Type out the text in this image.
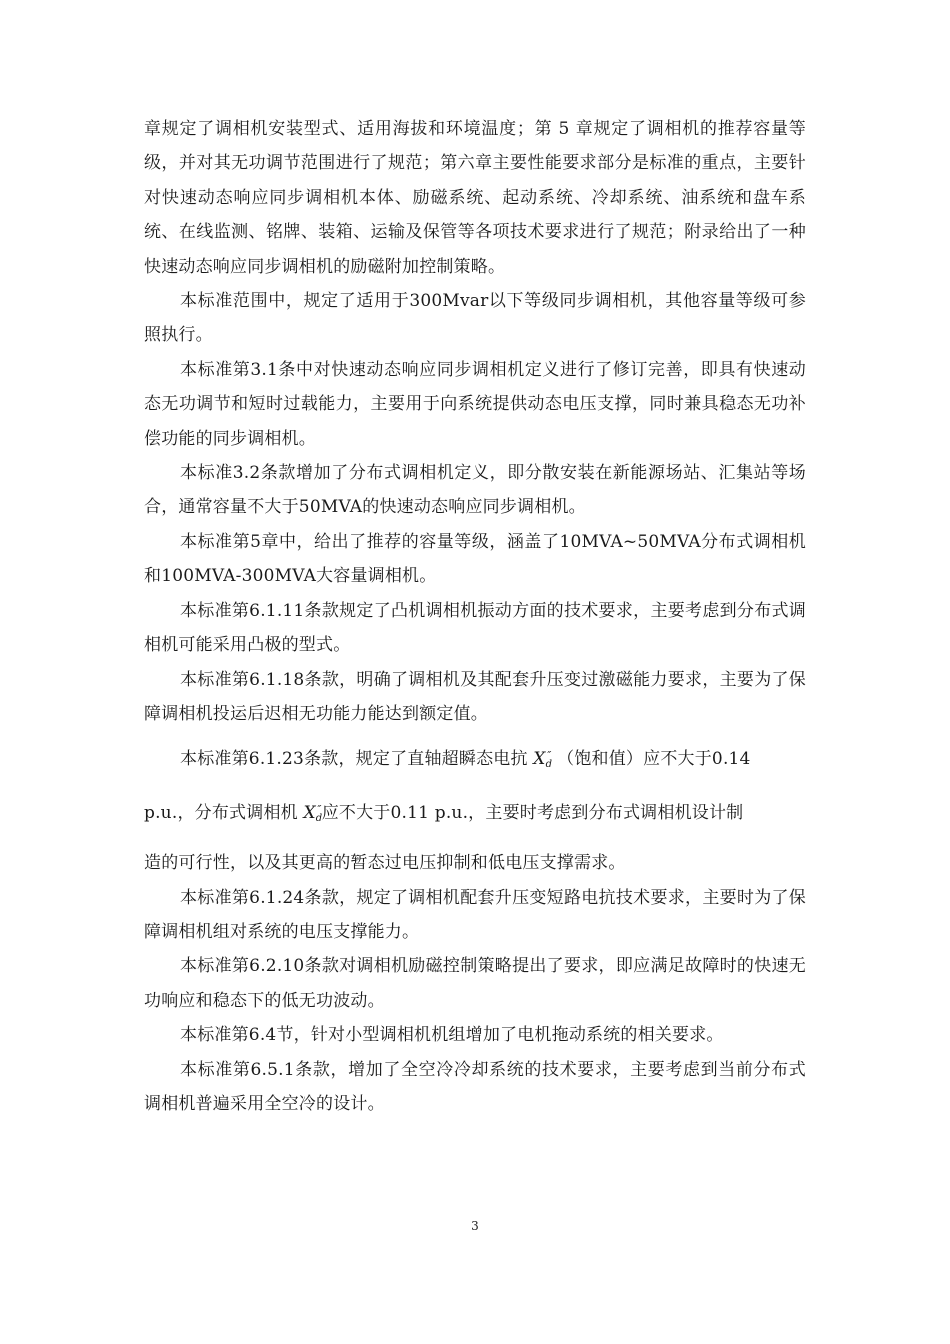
章规定了调相机安装型式、适用海拔和环境温度；第 5 章规定了调相机的推荐容量等级，并对其无功调节范围进行了规范；第六章主要性能要求部分是标准的重点，主要针对快速动态响应同步调相机本体、励磁系统、起动系统、冷却系统、油系统和盘车系统、在线监测、铭牌、装箱、运输及保管等各项技术要求进行了规范；附录给出了一种快速动态响应同步调相机的励磁附加控制策略。

本标准范围中，规定了适用于300Mvar以下等级同步调相机，其他容量等级可参照执行。

本标准第3.1条中对快速动态响应同步调相机定义进行了修订完善，即具有快速动态无功调节和短时过载能力，主要用于向系统提供动态电压支撑，同时兼具稳态无功补偿功能的同步调相机。

本标准3.2条款增加了分布式调相机定义，即分散安装在新能源场站、汇集站等场合，通常容量不大于50MVA的快速动态响应同步调相机。

本标准第5章中，给出了推荐的容量等级，涵盖了10MVA~50MVA分布式调相机和100MVA-300MVA大容量调相机。

本标准第6.1.11条款规定了凸机调相机振动方面的技术要求，主要考虑到分布式调相机可能采用凸极的型式。

本标准第6.1.18条款，明确了调相机及其配套升压变过激磁能力要求，主要为了保障调相机投运后迟相无功能力能达到额定值。

本标准第6.1.23条款，规定了直轴超瞬态电抗 $X_d''$ （饱和值）应不大于0.14
p.u.，分布式调相机 $X_d''$应不大于0.11 p.u.，主要时考虑到分布式调相机设计制
造的可行性，以及其更高的暂态过电压抑制和低电压支撑需求。

本标准第6.1.24条款，规定了调相机配套升压变短路电抗技术要求，主要时为了保障调相机组对系统的电压支撑能力。

本标准第6.2.10条款对调相机励磁控制策略提出了要求，即应满足故障时的快速无功响应和稳态下的低无功波动。

本标准第6.4节，针对小型调相机机组增加了电机拖动系统的相关要求。

本标准第6.5.1条款，增加了全空冷冷却系统的技术要求，主要考虑到当前分布式调相机普遍采用全空冷的设计。

3
